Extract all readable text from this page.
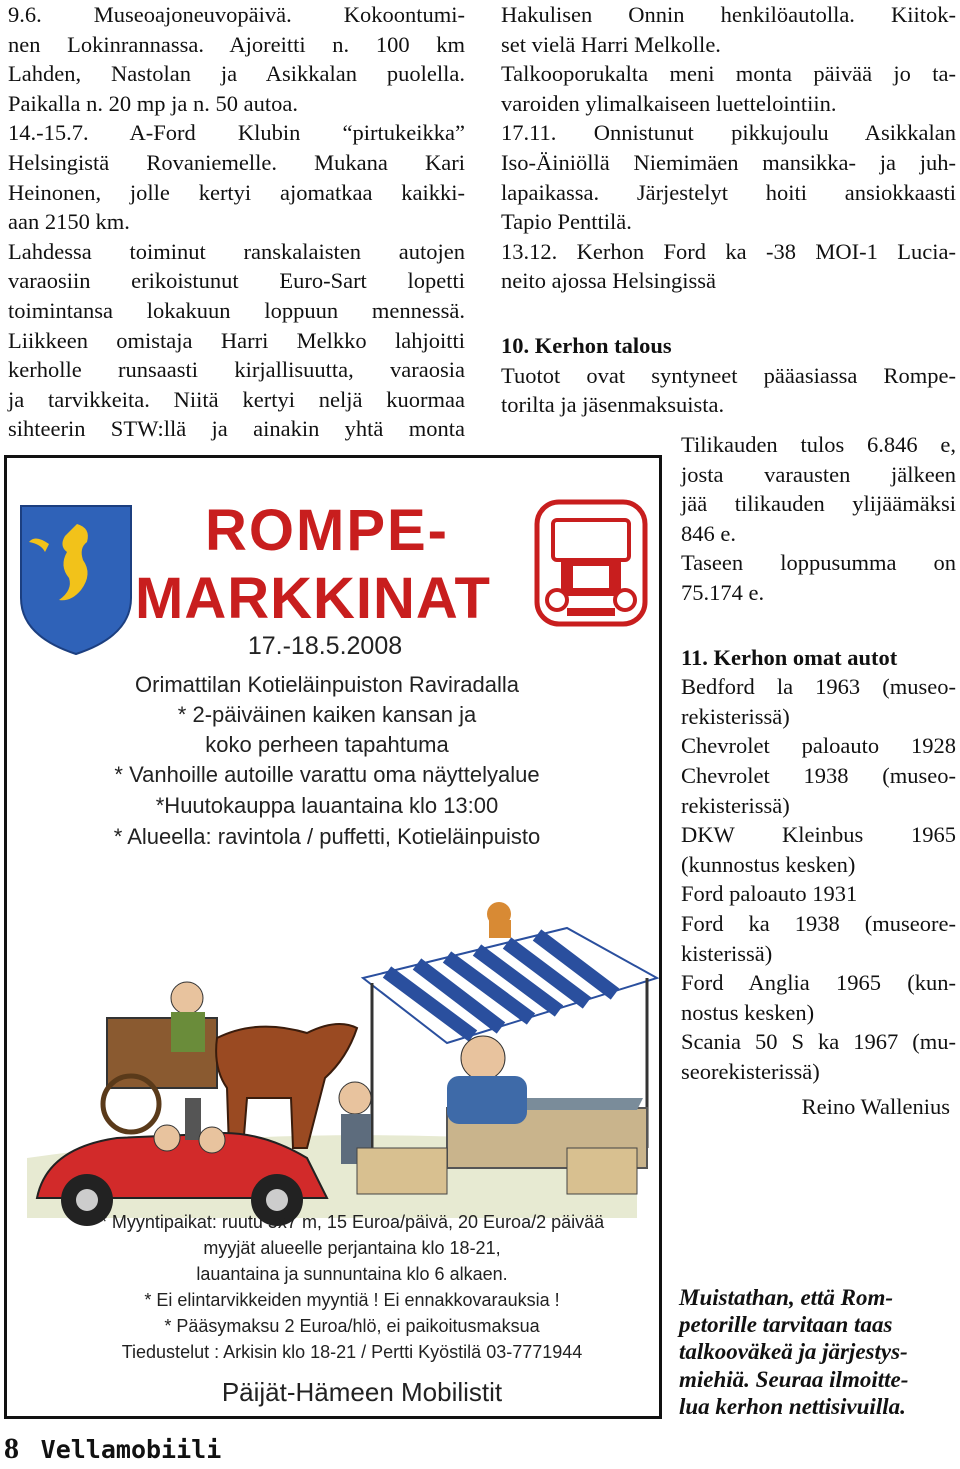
9.6. Museoajoneuvopäivä. Kokoontumi-

nen Lokinrannassa. Ajoreitti n. 100 km

Lahden, Nastolan ja Asikkalan puolella.

Paikalla n. 20 mp ja n. 50 autoa.

14.-15.7. A-Ford Klubin “pirtukeikka”

Helsingistä Rovaniemelle. Mukana Kari

Heinonen, jolle kertyi ajomatkaa kaikki-

aan 2150 km.

Lahdessa toiminut ranskalaisten autojen

varaosiin erikoistunut Euro-Sart lopetti

toimintansa lokakuun loppuun mennessä.

Liikkeen omistaja Harri Melkko lahjoitti

kerholle runsaasti kirjallisuutta, varaosia

ja tarvikkeita. Niitä kertyi neljä kuormaa

sihteerin STW:llä ja ainakin yhtä monta

Hakulisen Onnin henkilöautolla. Kiitok-

set vielä Harri Melkolle.

Talkooporukalta meni monta päivää jo ta-

varoiden ylimalkaiseen luettelointiin.

17.11. Onnistunut pikkujoulu Asikkalan

Iso-Äiniöllä Niemimäen mansikka- ja juh-

lapaikassa. Järjestelyt hoiti ansiokkaasti

Tapio Penttilä.

13.12. Kerhon Ford ka -38 MOI-1 Lucia-

neito ajossa Helsingissä

10. Kerhon talous

Tuotot ovat syntyneet pääasiassa Rompe-

torilta ja jäsenmaksuista.

Tilikauden tulos 6.846 e,

josta varausten jälkeen

jää tilikauden ylijäämäksi

846 e.

Taseen loppusumma on

75.174 e.

11. Kerhon omat autot

Bedford la 1963 (museo-

rekisterissä)

Chevrolet paloauto 1928

Chevrolet 1938 (museo-

rekisterissä)

DKW Kleinbus 1965

(kunnostus kesken)

Ford paloauto 1931

Ford ka 1938 (museore-

kisterissä)

Ford Anglia 1965 (kun-

nostus kesken)

Scania 50 S ka 1967 (mu-

seorekisterissä)

Reino Wallenius

Muistathan, että Rom-
petorille tarvitaan taas
talkooväkeä ja järjestys-
miehiä. Seuraa ilmoitte-
lua kerhon nettisivuilla.
ROMPE-
MARKKINAT
17.-18.5.2008
Orimattilan Kotieläinpuiston Raviradalla
* 2-päiväinen kaiken kansan ja
koko perheen tapahtuma
* Vanhoille autoille varattu oma näyttelyalue
*Huutokauppa lauantaina klo 13:00
* Alueella: ravintola / puffetti, Kotieläinpuisto
* Myyntipaikat: ruutu 5x7 m, 15 Euroa/päivä, 20 Euroa/2 päivää
myyjät alueelle perjantaina klo 18-21,
lauantaina ja sunnuntaina klo 6 alkaen.
* Ei elintarvikkeiden myyntiä ! Ei ennakkovarauksia !
* Pääsymaksu 2 Euroa/hlö, ei paikoitusmaksua
Tiedustelut : Arkisin klo 18-21 / Pertti Kyöstilä 03-7771944
Päijät-Hämeen Mobilistit
8 Vellamobiili
